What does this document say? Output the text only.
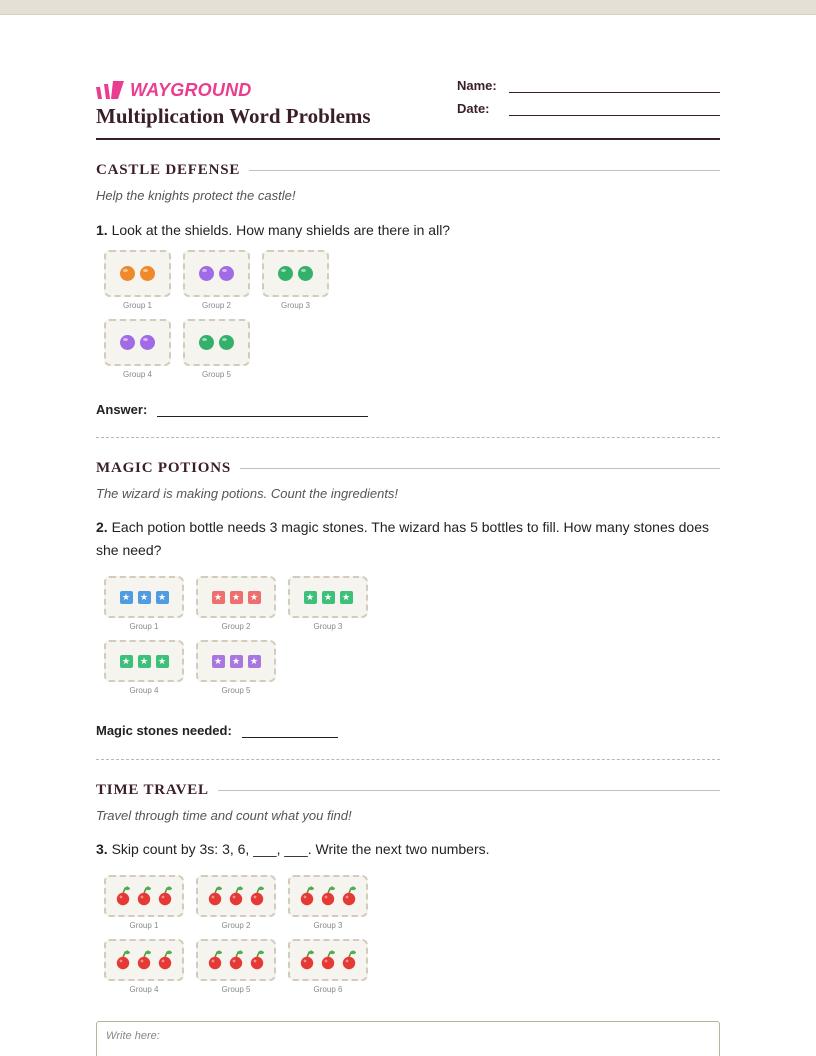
WAYGROUND
Multiplication Word Problems
Name:
Date:
CASTLE DEFENSE
Help the knights protect the castle!
1. Look at the shields. How many shields are there in all?
Group 1	Group 2	Group 3
Group 4	Group 5
Answer:
MAGIC POTIONS
The wizard is making potions. Count the ingredients!
2. Each potion bottle needs 3 magic stones. The wizard has 5 bottles to fill. How many stones does she need?
★ ★ ★
Group 1
★ ★ ★
Group 2
★ ★ ★
Group 3
★ ★ ★
Group 4
★ ★ ★
Group 5
Magic stones needed:
TIME TRAVEL
Travel through time and count what you find!
3. Skip count by 3s: 3, 6, ___, ___. Write the next two numbers.
Group 1	Group 2	Group 3
Group 4	Group 5	Group 6
Write here:
